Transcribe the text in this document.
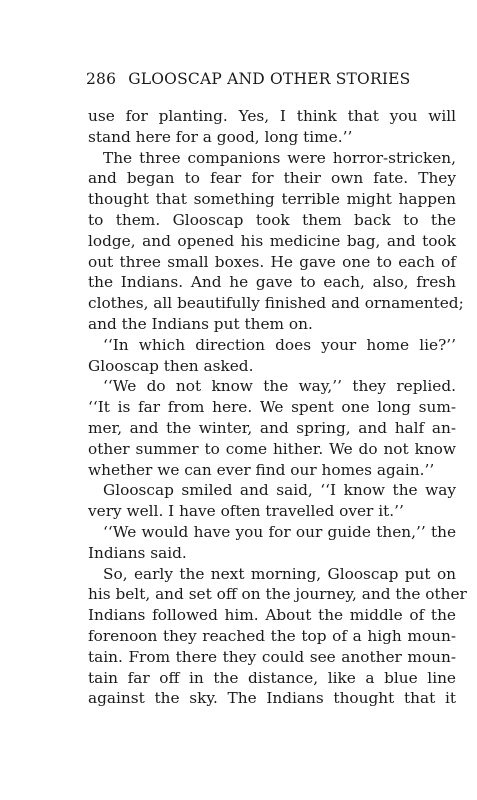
286 GLOOSCAP AND OTHER STORIES
use for planting. Yes, I think that you will
stand here for a good, long time.’’
The three companions were horror-stricken,
and began to fear for their own fate. They
thought that something terrible might happen
to them. Glooscap took them back to the
lodge, and opened his medicine bag, and took
out three small boxes. He gave one to each of
the Indians. And he gave to each, also, fresh
clothes, all beautifully finished and ornamented;
and the Indians put them on.
‘‘In which direction does your home lie?’’
Glooscap then asked.
‘‘We do not know the way,’’ they replied.
‘‘It is far from here. We spent one long sum-
mer, and the winter, and spring, and half an-
other summer to come hither. We do not know
whether we can ever find our homes again.’’
Glooscap smiled and said, ‘‘I know the way
very well. I have often travelled over it.’’
‘‘We would have you for our guide then,’’ the
Indians said.
So, early the next morning, Glooscap put on
his belt, and set off on the journey, and the other
Indians followed him. About the middle of the
forenoon they reached the top of a high moun-
tain. From there they could see another moun-
tain far off in the distance, like a blue line
against the sky. The Indians thought that it
